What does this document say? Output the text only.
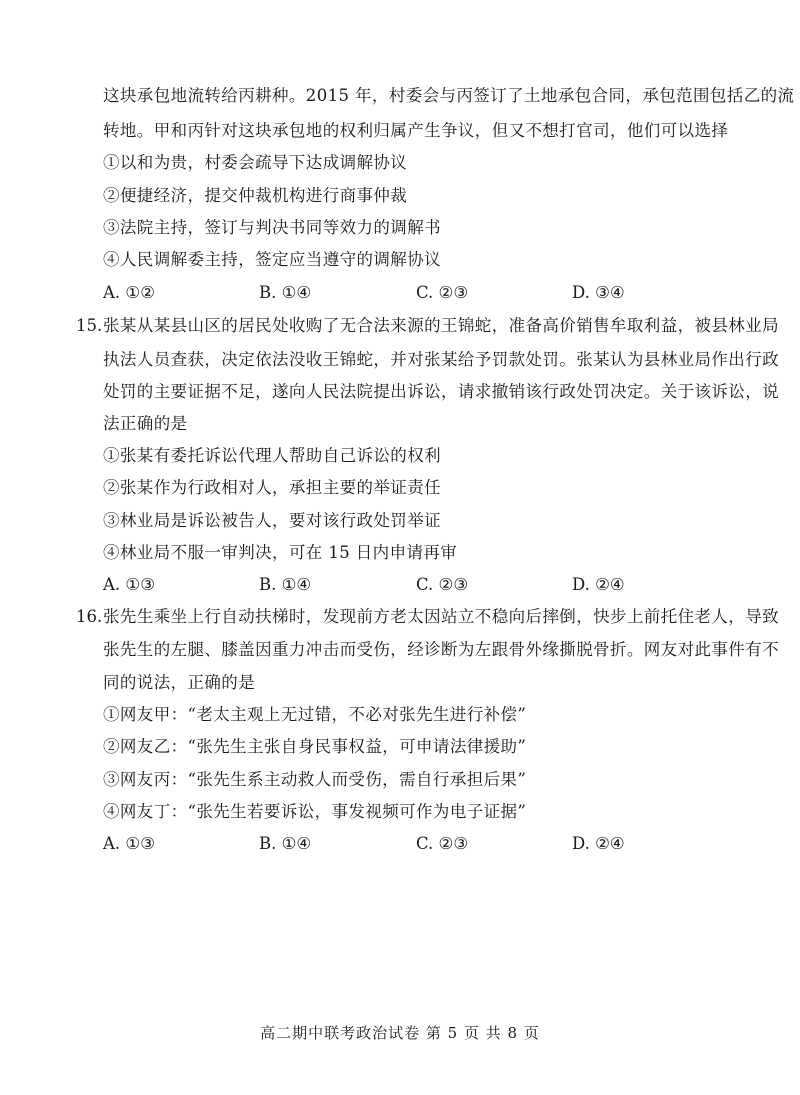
这块承包地流转给丙耕种。2015 年，村委会与丙签订了土地承包合同，承包范围包括乙的流
转地。甲和丙针对这块承包地的权利归属产生争议，但又不想打官司，他们可以选择
①以和为贵，村委会疏导下达成调解协议
②便捷经济，提交仲裁机构进行商事仲裁
③法院主持，签订与判决书同等效力的调解书
④人民调解委主持，签定应当遵守的调解协议
A. ①②	B. ①④	C. ②③	D. ③④
15. 张某从某县山区的居民处收购了无合法来源的王锦蛇，准备高价销售牟取利益，被县林业局
执法人员查获，决定依法没收王锦蛇，并对张某给予罚款处罚。张某认为县林业局作出行政
处罚的主要证据不足，遂向人民法院提出诉讼，请求撤销该行政处罚决定。关于该诉讼，说
法正确的是
①张某有委托诉讼代理人帮助自己诉讼的权利
②张某作为行政相对人，承担主要的举证责任
③林业局是诉讼被告人，要对该行政处罚举证
④林业局不服一审判决，可在 15 日内申请再审
A. ①③	B. ①④	C. ②③	D. ②④
16. 张先生乘坐上行自动扶梯时，发现前方老太因站立不稳向后摔倒，快步上前托住老人，导致
张先生的左腿、膝盖因重力冲击而受伤，经诊断为左跟骨外缘撕脱骨折。网友对此事件有不
同的说法，正确的是
①网友甲：“老太主观上无过错，不必对张先生进行补偿”
②网友乙：“张先生主张自身民事权益，可申请法律援助”
③网友丙：“张先生系主动救人而受伤，需自行承担后果”
④网友丁：“张先生若要诉讼，事发视频可作为电子证据”
A. ①③	B. ①④	C. ②③	D. ②④
高二期中联考政治试卷 第 5 页 共 8 页
